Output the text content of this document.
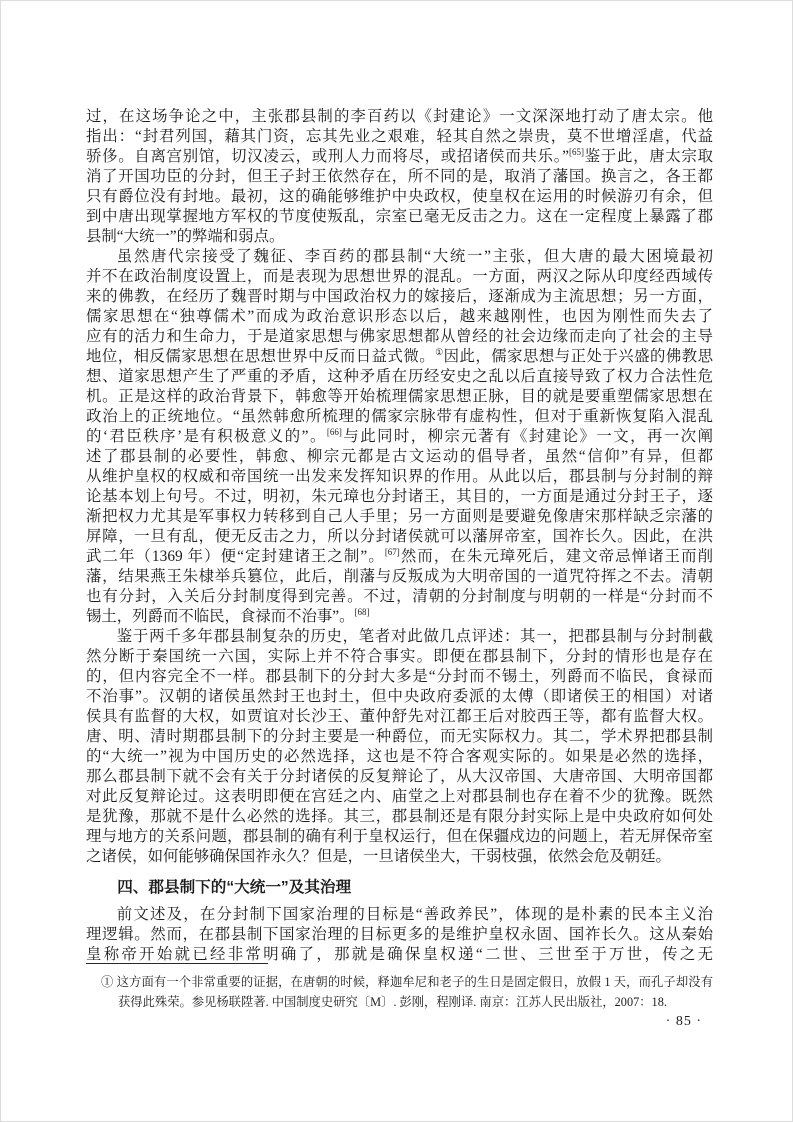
过，在这场争论之中，主张郡县制的李百药以《封建论》一文深深地打动了唐太宗。他
指出：“封君列国，藉其门资，忘其先业之艰难，轻其自然之崇贵，莫不世增淫虐，代益
骄侈。自离宫别馆，切汉凌云，或刑人力而将尽，或招诸侯而共乐。”[65]鉴于此，唐太宗取
消了开国功臣的分封，但王子封王依然存在，所不同的是，取消了藩国。换言之，各王都
只有爵位没有封地。最初，这的确能够维护中央政权，使皇权在运用的时候游刃有余，但
到中唐出现掌握地方军权的节度使叛乱，宗室已毫无反击之力。这在一定程度上暴露了郡
县制“大统一”的弊端和弱点。
虽然唐代宗接受了魏征、李百药的郡县制“大统一”主张，但大唐的最大困境最初
并不在政治制度设置上，而是表现为思想世界的混乱。一方面，两汉之际从印度经西域传
来的佛教，在经历了魏晋时期与中国政治权力的嫁接后，逐渐成为主流思想；另一方面，
儒家思想在“独尊儒术”而成为政治意识形态以后，越来越刚性，也因为刚性而失去了
应有的活力和生命力，于是道家思想与佛家思想都从曾经的社会边缘而走向了社会的主导
地位，相反儒家思想在思想世界中反而日益式微。①因此，儒家思想与正处于兴盛的佛教思
想、道家思想产生了严重的矛盾，这种矛盾在历经安史之乱以后直接导致了权力合法性危
机。正是这样的政治背景下，韩愈等开始梳理儒家思想正脉，目的就是要重塑儒家思想在
政治上的正统地位。“虽然韩愈所梳理的儒家宗脉带有虚构性，但对于重新恢复陷入混乱
的‘君臣秩序’是有积极意义的”。[66]与此同时，柳宗元著有《封建论》一文，再一次阐
述了郡县制的必要性，韩愈、柳宗元都是古文运动的倡导者，虽然“信仰”有异，但都
从维护皇权的权威和帝国统一出发来发挥知识界的作用。从此以后，郡县制与分封制的辩
论基本划上句号。不过，明初，朱元璋也分封诸王，其目的，一方面是通过分封王子，逐
渐把权力尤其是军事权力转移到自己人手里；另一方面则是要避免像唐宋那样缺乏宗藩的
屏障，一旦有乱，便无反击之力，所以分封诸侯就可以藩屏帝室，国祚长久。因此，在洪
武二年（1369 年）便“定封建诸王之制”。[67]然而，在朱元璋死后，建文帝忌惮诸王而削
藩，结果燕王朱棣举兵篡位，此后，削藩与反叛成为大明帝国的一道咒符挥之不去。清朝
也有分封，入关后分封制度得到完善。不过，清朝的分封制度与明朝的一样是“分封而不
锡土，列爵而不临民，食禄而不治事”。[68]
鉴于两千多年郡县制复杂的历史，笔者对此做几点评述：其一，把郡县制与分封制截
然分断于秦国统一六国，实际上并不符合事实。即便在郡县制下，分封的情形也是存在
的，但内容完全不一样。郡县制下的分封大多是“分封而不锡土，列爵而不临民，食禄而
不治事”。汉朝的诸侯虽然封王也封土，但中央政府委派的太傅（即诸侯王的相国）对诸
侯具有监督的大权，如贾谊对长沙王、董仲舒先对江都王后对胶西王等，都有监督大权。
唐、明、清时期郡县制下的分封主要是一种爵位，而无实际权力。其二，学术界把郡县制
的“大统一”视为中国历史的必然选择，这也是不符合客观实际的。如果是必然的选择，
那么郡县制下就不会有关于分封诸侯的反复辩论了，从大汉帝国、大唐帝国、大明帝国都
对此反复辩论过。这表明即便在宫廷之内、庙堂之上对郡县制也存在着不少的犹豫。既然
是犹豫，那就不是什么必然的选择。其三，郡县制还是有限分封实际上是中央政府如何处
理与地方的关系问题，郡县制的确有利于皇权运行，但在保疆戍边的问题上，若无屏保帝室
之诸侯，如何能够确保国祚永久？但是，一旦诸侯坐大，干弱枝强，依然会危及朝廷。
四、郡县制下的“大统一”及其治理
前文述及，在分封制下国家治理的目标是“善政养民”，体现的是朴素的民本主义治
理逻辑。然而，在郡县制下国家治理的目标更多的是维护皇权永固、国祚长久。这从秦始
皇称帝开始就已经非常明确了，那就是确保皇权递“二世、三世至于万世，传之无
① 这方面有一个非常重要的证据，在唐朝的时候，释迦牟尼和老子的生日是固定假日，放假 1 天，而孔子却没有
获得此殊荣。参见杨联陞著. 中国制度史研究〔M〕. 彭刚，程刚译. 南京：江苏人民出版社，2007：18.
· 85 ·
